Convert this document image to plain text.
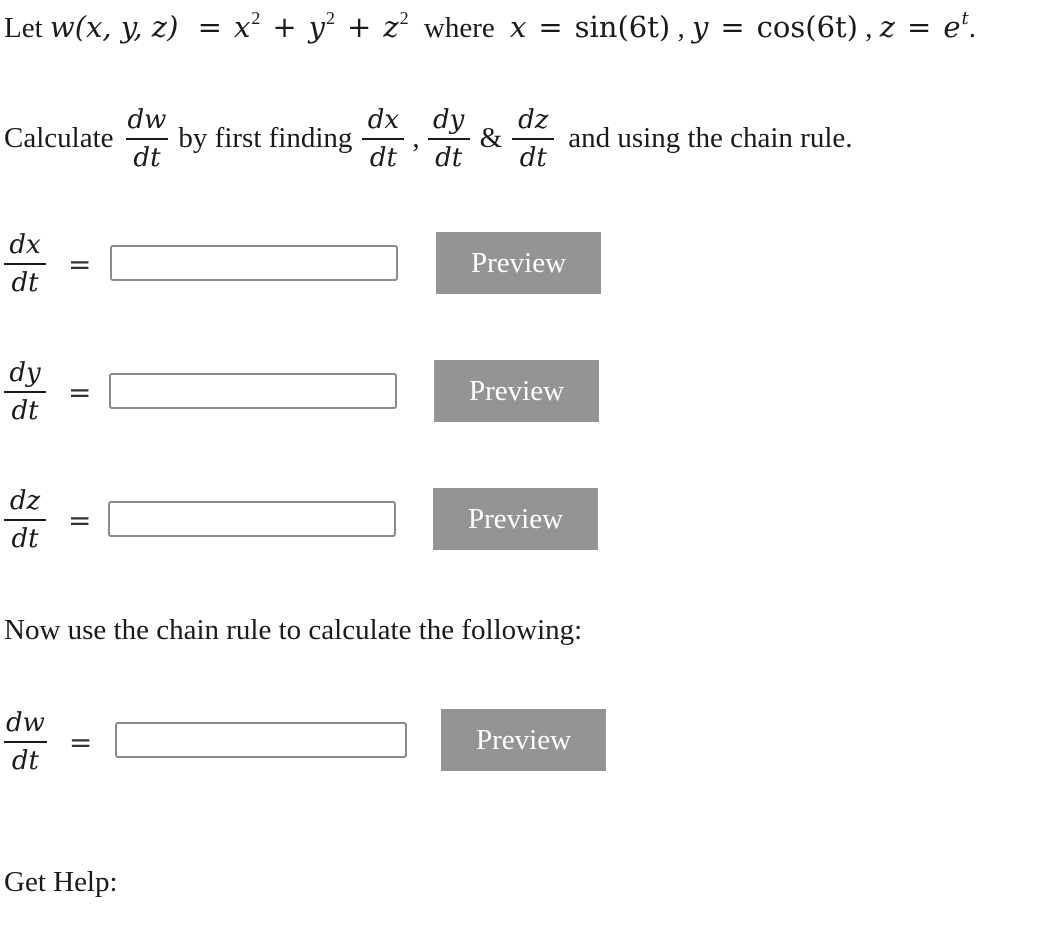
Let w(x, y, $z) = x^2 + y^2 + z^2$ where x = sin(6t) , y = cos(6t) , $z = e^t$.
Calculate $\frac{dw}{dt}$ by first finding $\frac{dx}{dt}$ , $\frac{dy}{dt}$ & $\frac{dz}{dt}$ and using the chain rule.
$\frac{dx}{dt}$ =	Preview
$\frac{dy}{dt}$ =	Preview
$\frac{dz}{dt}$ =	Preview
Now use the chain rule to calculate the following:
$\frac{dw}{dt}$ =	Preview
Get Help:
